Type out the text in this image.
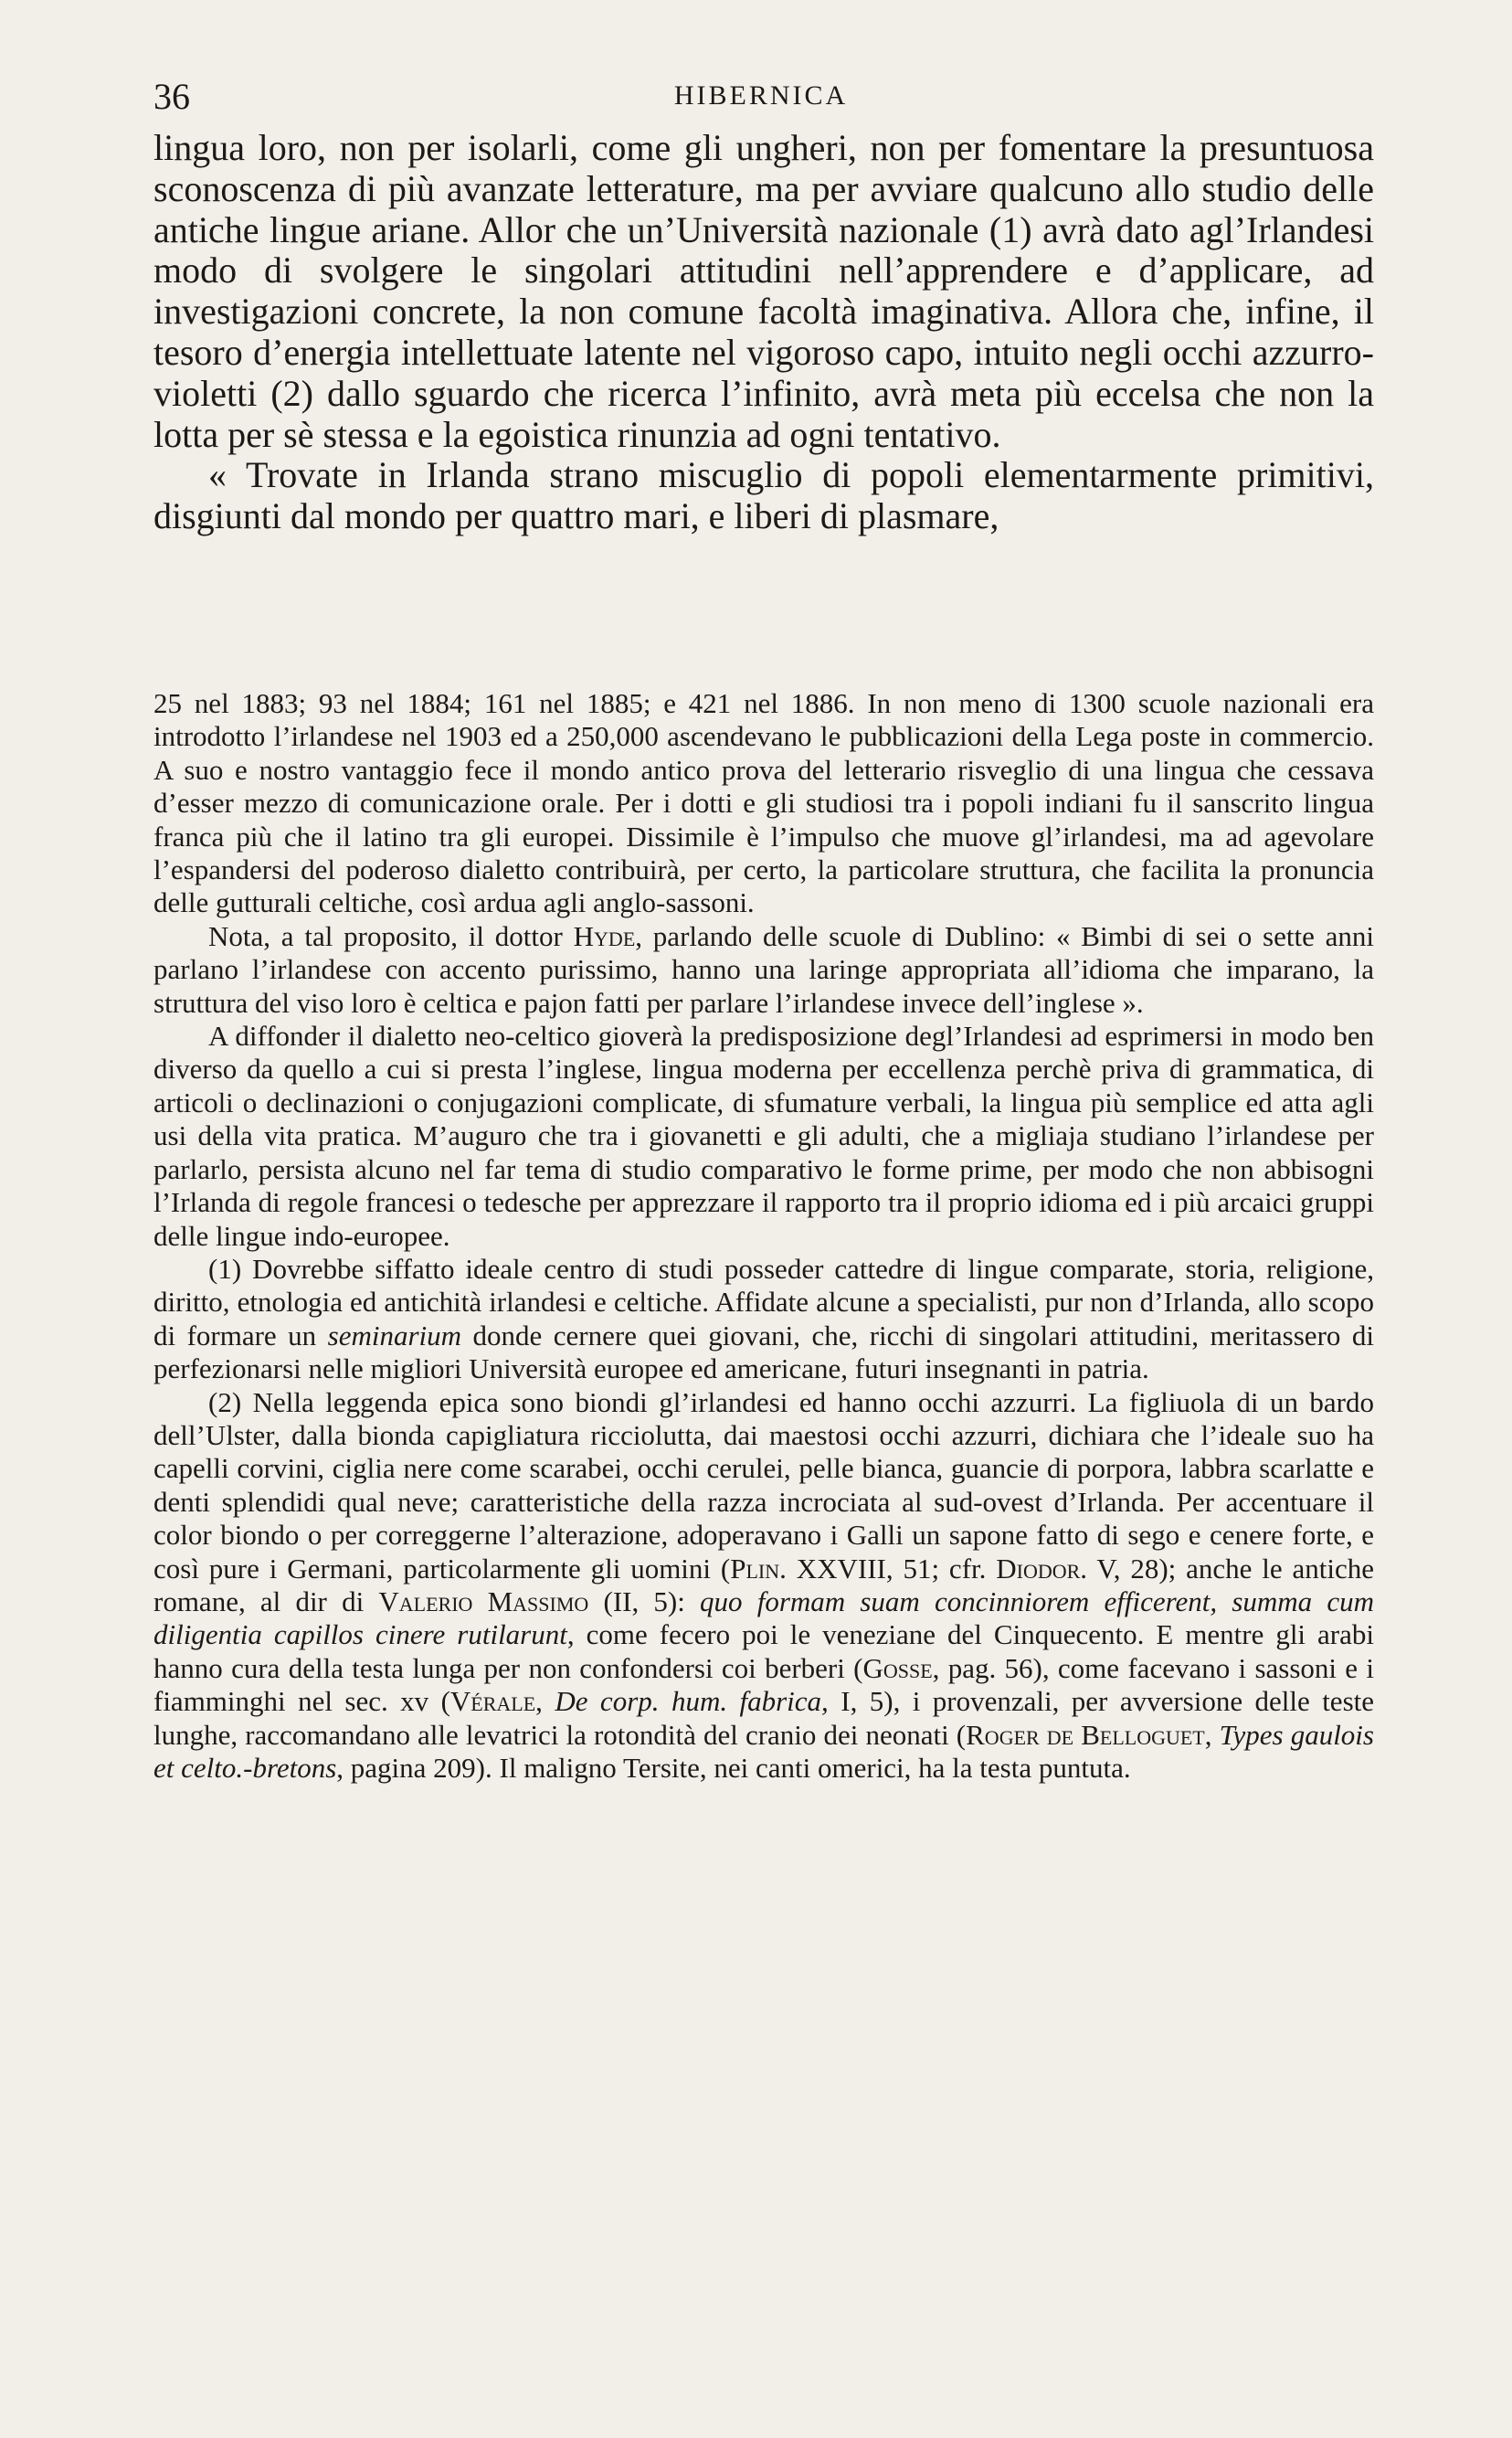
36	HIBERNICA

lingua loro, non per isolarli, come gli ungheri, non per fomentare la presuntuosa sconoscenza di più avanzate letterature, ma per avviare qualcuno allo studio delle antiche lingue ariane. Allor che un’Università nazionale (1) avrà dato agl’Irlandesi modo di svolgere le singolari attitudini nell’apprendere e d’applicare, ad investigazioni concrete, la non comune facoltà imaginativa. Allora che, infine, il tesoro d’energia intellettuate latente nel vigoroso capo, intuito negli occhi azzurro-violetti (2) dallo sguardo che ricerca l’infinito, avrà meta più eccelsa che non la lotta per sè stessa e la egoistica rinunzia ad ogni tentativo.

« Trovate in Irlanda strano miscuglio di popoli elementarmente primitivi, disgiunti dal mondo per quattro mari, e liberi di plasmare,

25 nel 1883; 93 nel 1884; 161 nel 1885; e 421 nel 1886. In non meno di 1300 scuole nazionali era introdotto l’irlandese nel 1903 ed a 250,000 ascendevano le pubblicazioni della Lega poste in commercio. A suo e nostro vantaggio fece il mondo antico prova del letterario risveglio di una lingua che cessava d’esser mezzo di comunicazione orale. Per i dotti e gli studiosi tra i popoli indiani fu il sanscrito lingua franca più che il latino tra gli europei. Dissimile è l’impulso che muove gl’irlandesi, ma ad agevolare l’espandersi del poderoso dialetto contribuirà, per certo, la particolare struttura, che facilita la pronuncia delle gutturali celtiche, così ardua agli anglo-sassoni.

Nota, a tal proposito, il dottor Hyde, parlando delle scuole di Dublino: « Bimbi di sei o sette anni parlano l’irlandese con accento purissimo, hanno una laringe appropriata all’idioma che imparano, la struttura del viso loro è celtica e pajon fatti per parlare l’irlandese invece dell’inglese ».

A diffonder il dialetto neo-celtico gioverà la predisposizione degl’Irlandesi ad esprimersi in modo ben diverso da quello a cui si presta l’inglese, lingua moderna per eccellenza perchè priva di grammatica, di articoli o declinazioni o conjugazioni complicate, di sfumature verbali, la lingua più semplice ed atta agli usi della vita pratica. M’auguro che tra i giovanetti e gli adulti, che a migliaja studiano l’irlandese per parlarlo, persista alcuno nel far tema di studio comparativo le forme prime, per modo che non abbisogni l’Irlanda di regole francesi o tedesche per apprezzare il rapporto tra il proprio idioma ed i più arcaici gruppi delle lingue indo-europee.

(1) Dovrebbe siffatto ideale centro di studi posseder cattedre di lingue comparate, storia, religione, diritto, etnologia ed antichità irlandesi e celtiche. Affidate alcune a specialisti, pur non d’Irlanda, allo scopo di formare un seminarium donde cernere quei giovani, che, ricchi di singolari attitudini, meritassero di perfezionarsi nelle migliori Università europee ed americane, futuri insegnanti in patria.

(2) Nella leggenda epica sono biondi gl’irlandesi ed hanno occhi azzurri. La figliuola di un bardo dell’Ulster, dalla bionda capigliatura ricciolutta, dai maestosi occhi azzurri, dichiara che l’ideale suo ha capelli corvini, ciglia nere come scarabei, occhi cerulei, pelle bianca, guancie di porpora, labbra scarlatte e denti splendidi qual neve; caratteristiche della razza incrociata al sud-ovest d’Irlanda. Per accentuare il color biondo o per correggerne l’alterazione, adoperavano i Galli un sapone fatto di sego e cenere forte, e così pure i Germani, particolarmente gli uomini (Plin. XXVIII, 51; cfr. Diodor. V, 28); anche le antiche romane, al dir di Valerio Massimo (II, 5): quo formam suam concinniorem efficerent, summa cum diligentia capillos cinere rutilarunt, come fecero poi le veneziane del Cinquecento. E mentre gli arabi hanno cura della testa lunga per non confondersi coi berberi (Gosse, pag. 56), come facevano i sassoni e i fiamminghi nel sec. xv (Vérale, De corp. hum. fabrica, I, 5), i provenzali, per avversione delle teste lunghe, raccomandano alle levatrici la rotondità del cranio dei neonati (Roger de Belloguet, Types gaulois et celto.-bretons, pagina 209). Il maligno Tersite, nei canti omerici, ha la testa puntuta.
